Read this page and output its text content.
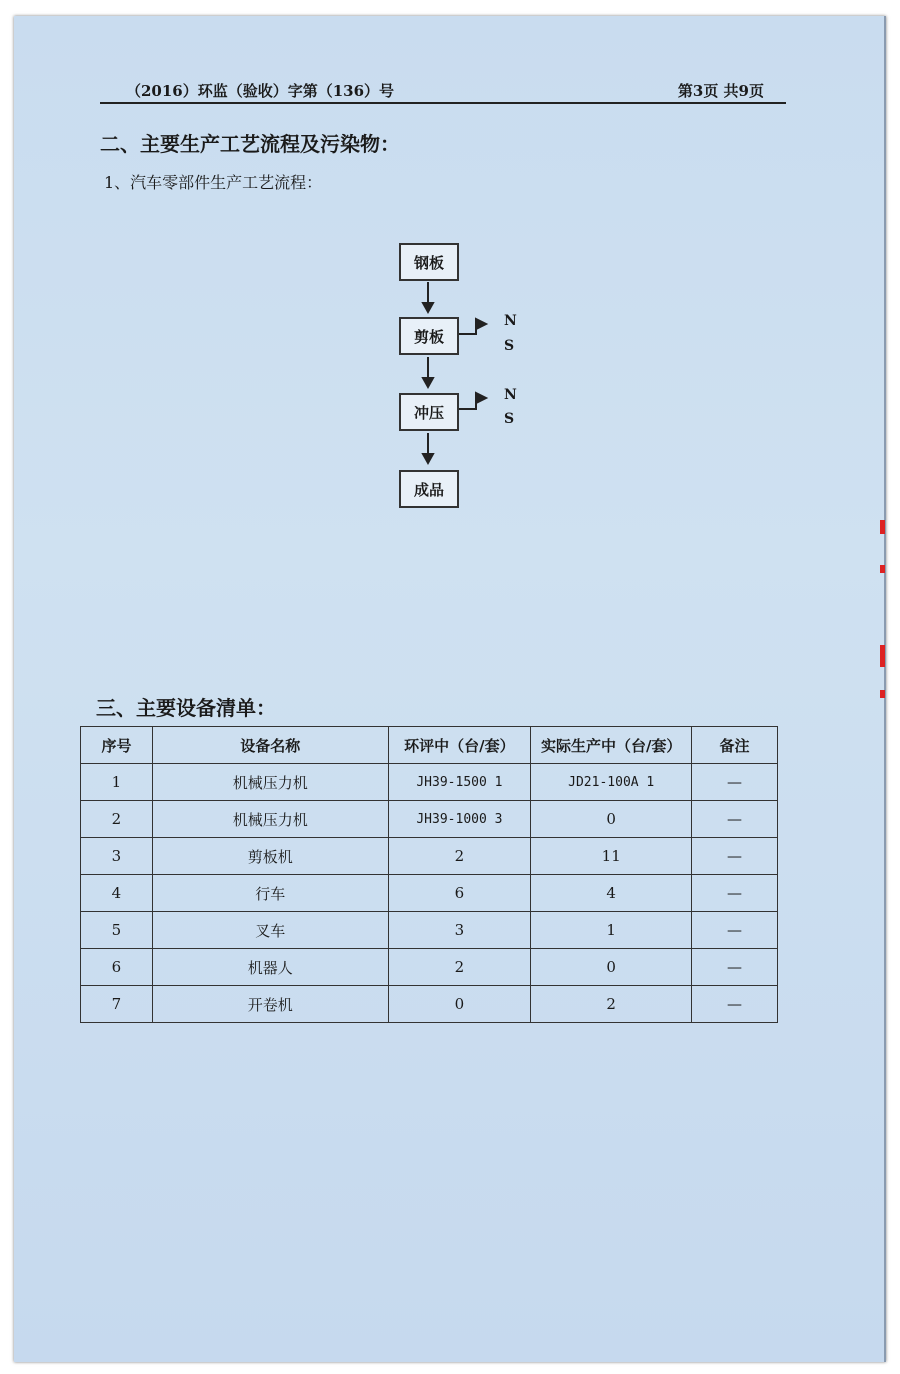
（2016）环监（验收）字第（136）号	第3页 共9页
二、主要生产工艺流程及污染物：
1、汽车零部件生产工艺流程：
钢板
剪板
冲压
成品
N
S
N
S
三、主要设备清单：
序号	设备名称	环评中（台/套）	实际生产中（台/套）	备注
1	机械压力机	JH39-1500 1	JD21-100A 1	—
2	机械压力机	JH39-1000 3	0	—
3	剪板机	2	11	—
4	行车	6	4	—
5	叉车	3	1	—
6	机器人	2	0	—
7	开卷机	0	2	—
